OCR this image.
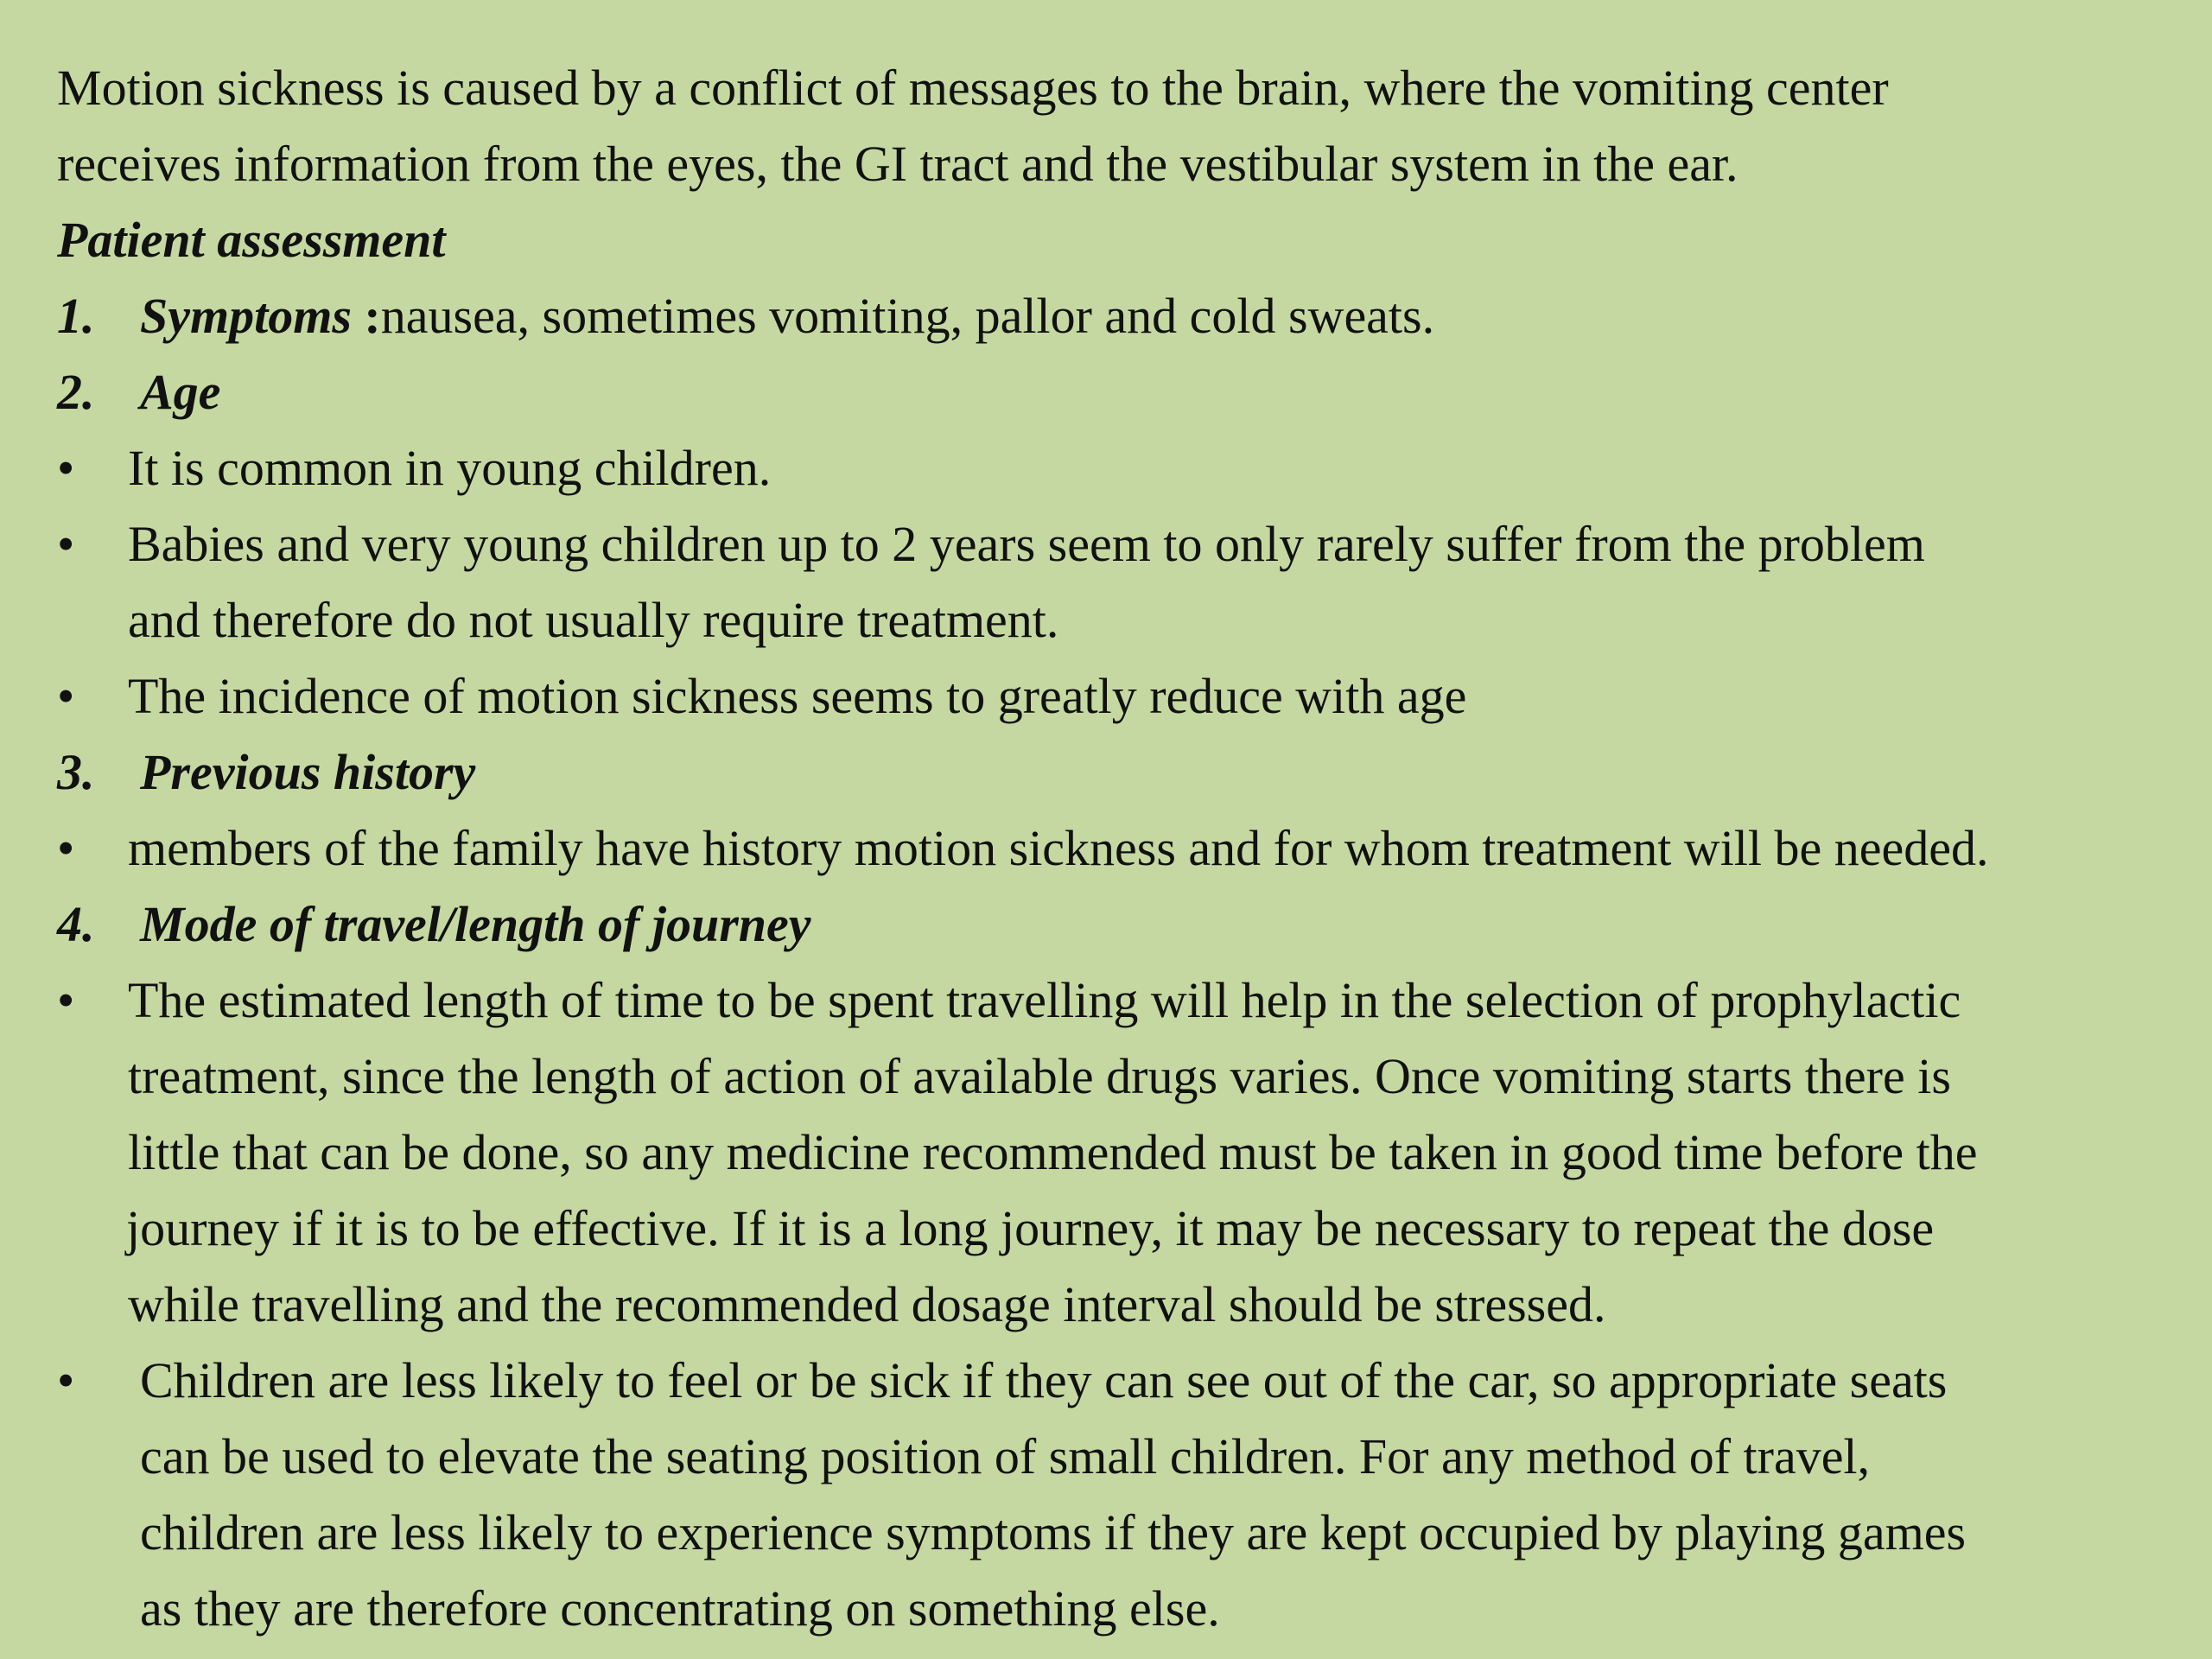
Motion sickness is caused by a conflict of messages to the brain, where the vomiting center
receives information from the eyes, the GI tract and the vestibular system in the ear.
Patient assessment
1. Symptoms :nausea, sometimes vomiting, pallor and cold sweats.
2. Age
• It is common in young children.
• Babies and very young children up to 2 years seem to only rarely suffer from the problem
and therefore do not usually require treatment.
• The incidence of motion sickness seems to greatly reduce with age
3. Previous history
• members of the family have history motion sickness and for whom treatment will be needed.
4. Mode of travel/length of journey
• The estimated length of time to be spent travelling will help in the selection of prophylactic
treatment, since the length of action of available drugs varies. Once vomiting starts there is
little that can be done, so any medicine recommended must be taken in good time before the
journey if it is to be effective. If it is a long journey, it may be necessary to repeat the dose
while travelling and the recommended dosage interval should be stressed.
• Children are less likely to feel or be sick if they can see out of the car, so appropriate seats
can be used to elevate the seating position of small children. For any method of travel,
children are less likely to experience symptoms if they are kept occupied by playing games
as they are therefore concentrating on something else.
